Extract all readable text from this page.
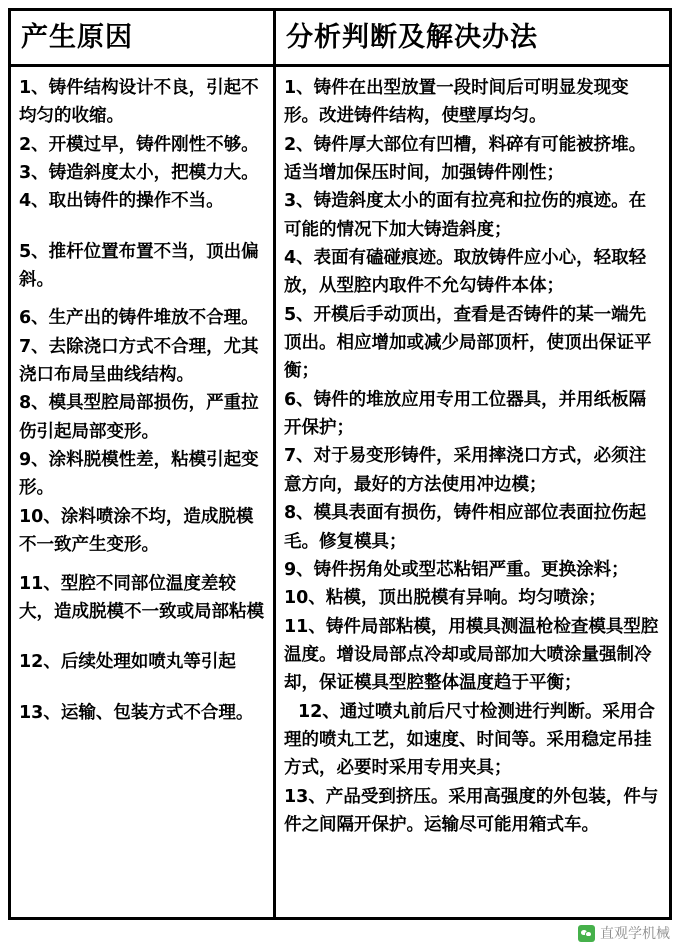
产生原因
1、铸件结构设计不良，引起不均匀的收缩。
2、开模过早，铸件刚性不够。
3、铸造斜度太小，把模力大。
4、取出铸件的操作不当。
5、推杆位置布置不当，顶出偏斜。
6、生产出的铸件堆放不合理。
7、去除浇口方式不合理，尤其浇口布局呈曲线结构。
8、模具型腔局部损伤，严重拉伤引起局部变形。
9、涂料脱模性差，粘模引起变形。
10、涂料喷涂不均，造成脱模不一致产生变形。
11、型腔不同部位温度差较大，造成脱模不一致或局部粘模
12、后续处理如喷丸等引起
13、运输、包装方式不合理。
分析判断及解决办法
1、铸件在出型放置一段时间后可明显发现变形。改进铸件结构，使壁厚均匀。
2、铸件厚大部位有凹槽，料碎有可能被挤堆。适当增加保压时间，加强铸件刚性；
3、铸造斜度太小的面有拉亮和拉伤的痕迹。在可能的情况下加大铸造斜度；
4、表面有磕碰痕迹。取放铸件应小心，轻取轻放，从型腔内取件不允勾铸件本体；
5、开模后手动顶出，查看是否铸件的某一端先顶出。相应增加或减少局部顶杆，使顶出保证平衡；
6、铸件的堆放应用专用工位器具，并用纸板隔开保护；
7、对于易变形铸件，采用摔浇口方式，必须注意方向，最好的方法使用冲边模；
8、模具表面有损伤，铸件相应部位表面拉伤起毛。修复模具；
9、铸件拐角处或型芯粘铝严重。更换涂料；
10、粘模，顶出脱模有异响。均匀喷涂；
11、铸件局部粘模，用模具测温枪检查模具型腔温度。增设局部点冷却或局部加大喷涂量强制冷却，保证模具型腔整体温度趋于平衡；
12、通过喷丸前后尺寸检测进行判断。采用合理的喷丸工艺，如速度、时间等。采用稳定吊挂方式，必要时采用专用夹具；
13、产品受到挤压。采用高强度的外包装，件与件之间隔开保护。运输尽可能用箱式车。
直观学机械
